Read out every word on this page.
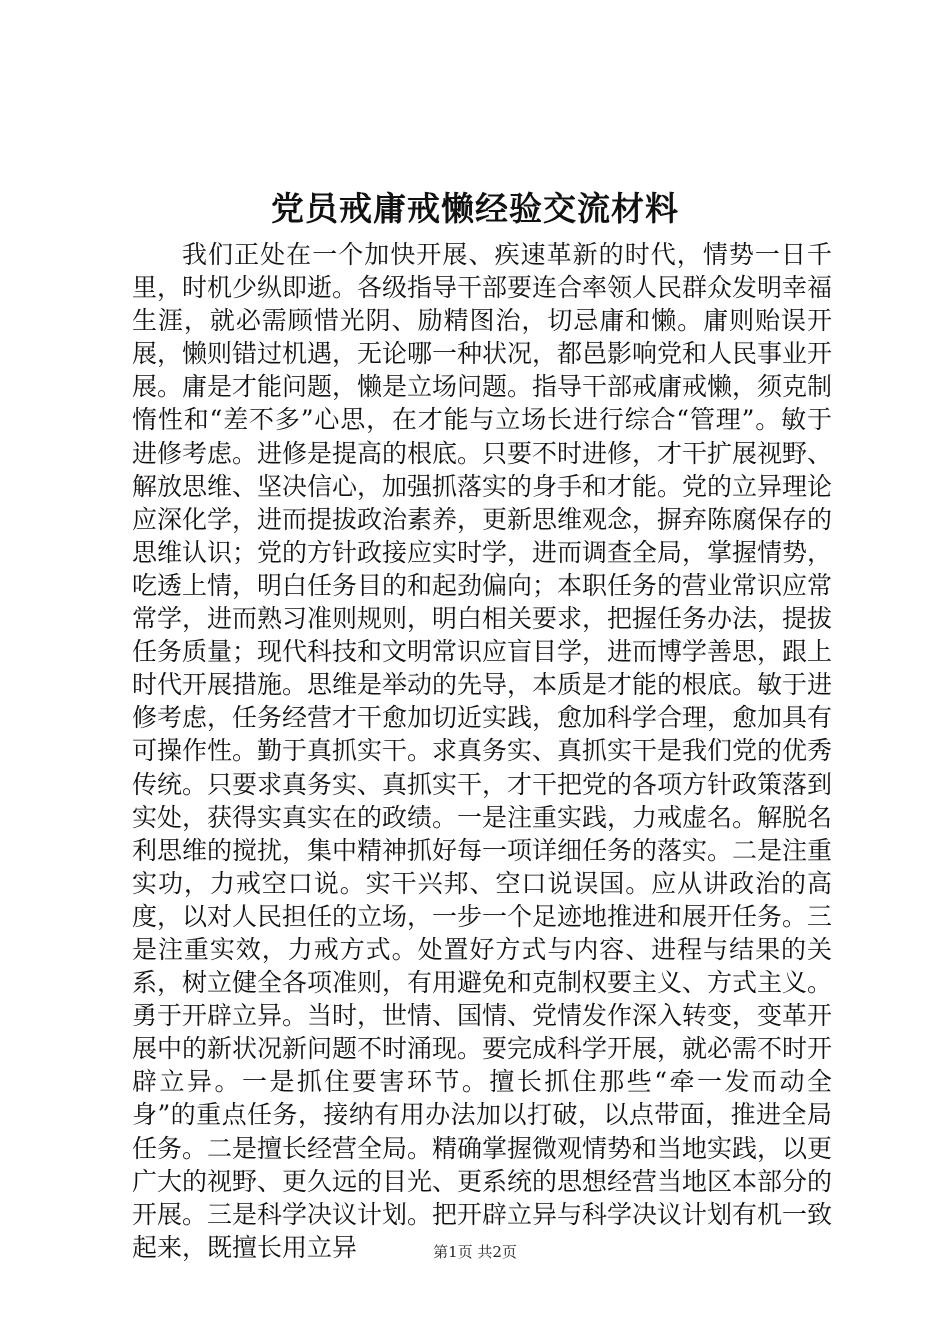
党员戒庸戒懒经验交流材料

我们正处在一个加快开展、疾速革新的时代，情势一日千里，时机少纵即逝。各级指导干部要连合率领人民群众发明幸福生涯，就必需顾惜光阴、励精图治，切忌庸和懒。庸则贻误开展，懒则错过机遇，无论哪一种状况，都邑影响党和人民事业开展。庸是才能问题，懒是立场问题。指导干部戒庸戒懒，须克制惰性和“差不多”心思，在才能与立场长进行综合“管理”。敏于进修考虑。进修是提高的根底。只要不时进修，才干扩展视野、解放思维、坚决信心，加强抓落实的身手和才能。党的立异理论应深化学，进而提拔政治素养，更新思维观念，摒弃陈腐保存的思维认识；党的方针政接应实时学，进而调查全局，掌握情势，吃透上情，明白任务目的和起劲偏向；本职任务的营业常识应常常学，进而熟习准则规则，明白相关要求，把握任务办法，提拔任务质量；现代科技和文明常识应盲目学，进而博学善思，跟上时代开展措施。思维是举动的先导，本质是才能的根底。敏于进修考虑，任务经营才干愈加切近实践，愈加科学合理，愈加具有可操作性。勤于真抓实干。求真务实、真抓实干是我们党的优秀传统。只要求真务实、真抓实干，才干把党的各项方针政策落到实处，获得实真实在的政绩。一是注重实践，力戒虚名。解脱名利思维的搅扰，集中精神抓好每一项详细任务的落实。二是注重实功，力戒空口说。实干兴邦、空口说误国。应从讲政治的高度，以对人民担任的立场，一步一个足迹地推进和展开任务。三是注重实效，力戒方式。处置好方式与内容、进程与结果的关系，树立健全各项准则，有用避免和克制权要主义、方式主义。勇于开辟立异。当时，世情、国情、党情发作深入转变，变革开展中的新状况新问题不时涌现。要完成科学开展，就必需不时开辟立异。一是抓住要害环节。擅长抓住那些“牵一发而动全身”的重点任务，接纳有用办法加以打破，以点带面，推进全局任务。二是擅长经营全局。精确掌握微观情势和当地实践，以更广大的视野、更久远的目光、更系统的思想经营当地区本部分的开展。三是科学决议计划。把开辟立异与科学决议计划有机一致起来，既擅长用立异	第1页 共2页
